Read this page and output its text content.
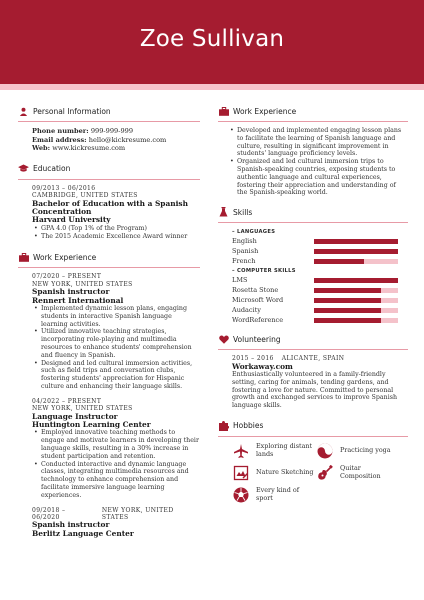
Zoe Sullivan
Personal Information
Phone number: 999-999-999
Email address: hello@kickresume.com
Web: www.kickresume.com
Education
09/2013 – 06/2016
CAMBRIDGE, UNITED STATES
Bachelor of Education with a Spanish Concentration
Harvard University
• GPA 4.0 (Top 1% of the Program)
• The 2015 Academic Excellence Award winner
Work Experience
07/2020 – PRESENT
NEW YORK, UNITED STATES
Spanish instructor
Rennert International
• Implemented dynamic lesson plans, engaging students in interactive Spanish language learning activities.
• Utilized innovative teaching strategies, incorporating role-playing and multimedia resources to enhance students' comprehension and fluency in Spanish.
• Designed and led cultural immersion activities, such as field trips and conversation clubs, fostering students' appreciation for Hispanic culture and enhancing their language skills.
04/2022 – PRESENT
NEW YORK, UNITED STATES
Language Instructor
Huntington Learning Center
• Employed innovative teaching methods to engage and motivate learners in developing their language skills, resulting in a 30% increase in student participation and retention.
• Conducted interactive and dynamic language classes, integrating multimedia resources and technology to enhance comprehension and facilitate immersive language learning experiences.
09/2018 – 06/2020
NEW YORK, UNITED STATES
Spanish instructor
Berlitz Language Center
Work Experience
• Developed and implemented engaging lesson plans to facilitate the learning of Spanish language and culture, resulting in significant improvement in students' language proficiency levels.
• Organized and led cultural immersion trips to Spanish-speaking countries, exposing students to authentic language and cultural experiences, fostering their appreciation and understanding of the Spanish-speaking world.
Skills
– LANGUAGES
English
Spanish
French
– COMPUTER SKILLS
LMS
Rosetta Stone
Microsoft Word
Audacity
WordReference
Volunteering
2015 – 2016 ALICANTE, SPAIN
Workaway.com
Enthusiastically volunteered in a family-friendly setting, caring for animals, tending gardens, and fostering a love for nature. Committed to personal growth and exchanged services to improve Spanish language skills.
Hobbies
Exploring distant lands	Practicing yoga
Nature Sketching	Quitar Composition
Every kind of sport
